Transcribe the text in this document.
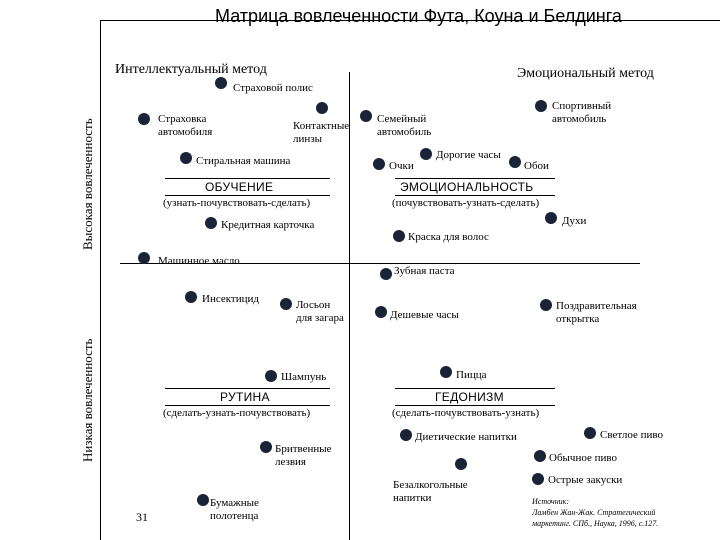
Матрица вовлеченности Фута, Коуна и Белдинга
Высокая вовлеченность
Низкая вовлеченность
Интеллектуальный метод	Эмоциональный метод
ОБУЧЕНИЕ
(узнать-почувствовать-сделать)
ЭМОЦИОНАЛЬНОСТЬ
(почувствовать-узнать-сделать)
РУТИНА
(сделать-узнать-почувствовать)
ГЕДОНИЗМ
(сделать-почувствовать-узнать)
Страховой полис
Страховка
автомобиля	Контактные
линзы
Семейный
автомобиль
Спортивный
автомобиль
Стиральная машина	Очки
Дорогие часы
Обои
Кредитная карточка
Краска для волос
Духи
Машинное масло
Зубная паста
Инсектицид	Лосьон
для загара	Дешевые часы
Поздравительная
открытка
Шампунь	Пицца
Диетические напитки	Светлое пиво
Бритвенные
лезвия	Обычное пиво
Безалкогольные
напитки
Острые закуски
Бумажные
полотенца
31
Источник:
Ламбен Жан-Жак. Стратегический
маркетинг. СПб., Наука, 1996, с.127.
